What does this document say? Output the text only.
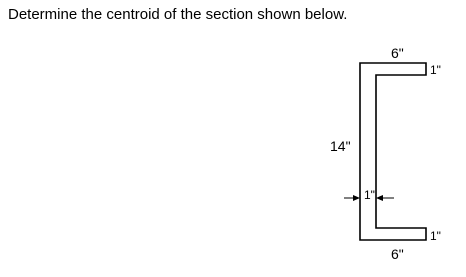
Determine the centroid of the section shown below.
6"
1"
14"
1"
1"
6"
